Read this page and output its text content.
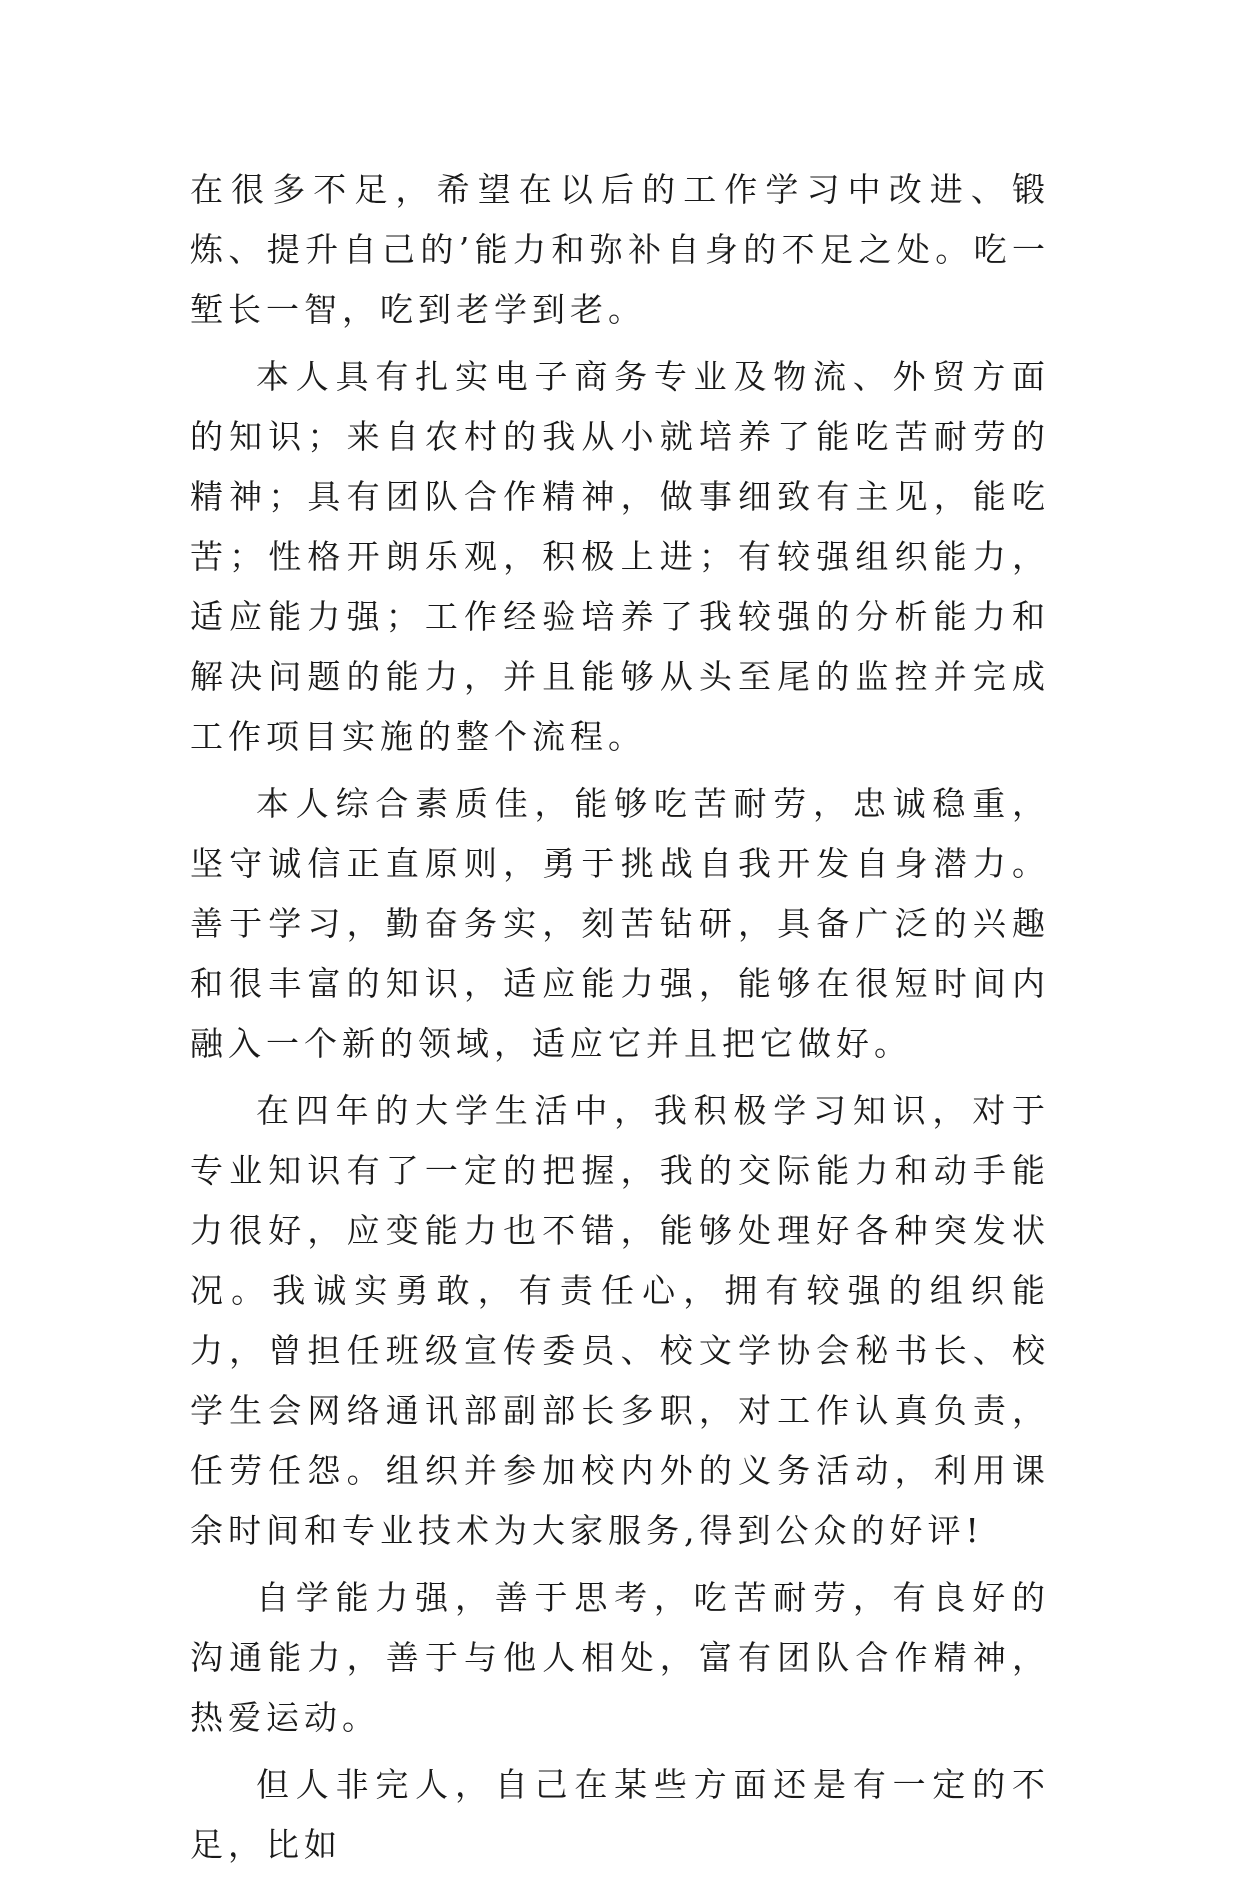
在很多不足，希望在以后的工作学习中改进、锻炼、提升自己的’能力和弥补自身的不足之处。吃一堑长一智，吃到老学到老。

本人具有扎实电子商务专业及物流、外贸方面的知识；来自农村的我从小就培养了能吃苦耐劳的精神；具有团队合作精神，做事细致有主见，能吃苦；性格开朗乐观，积极上进；有较强组织能力，适应能力强；工作经验培养了我较强的分析能力和解决问题的能力，并且能够从头至尾的监控并完成工作项目实施的整个流程。

本人综合素质佳，能够吃苦耐劳，忠诚稳重，坚守诚信正直原则，勇于挑战自我开发自身潜力。善于学习，勤奋务实，刻苦钻研，具备广泛的兴趣和很丰富的知识，适应能力强，能够在很短时间内融入一个新的领域，适应它并且把它做好。

在四年的大学生活中，我积极学习知识，对于专业知识有了一定的把握，我的交际能力和动手能力很好，应变能力也不错，能够处理好各种突发状况。我诚实勇敢，有责任心，拥有较强的组织能力，曾担任班级宣传委员、校文学协会秘书长、校学生会网络通讯部副部长多职，对工作认真负责，任劳任怨。组织并参加校内外的义务活动，利用课余时间和专业技术为大家服务,得到公众的好评!

自学能力强，善于思考，吃苦耐劳，有良好的沟通能力，善于与他人相处，富有团队合作精神，热爱运动。

但人非完人，自己在某些方面还是有一定的不足，比如
